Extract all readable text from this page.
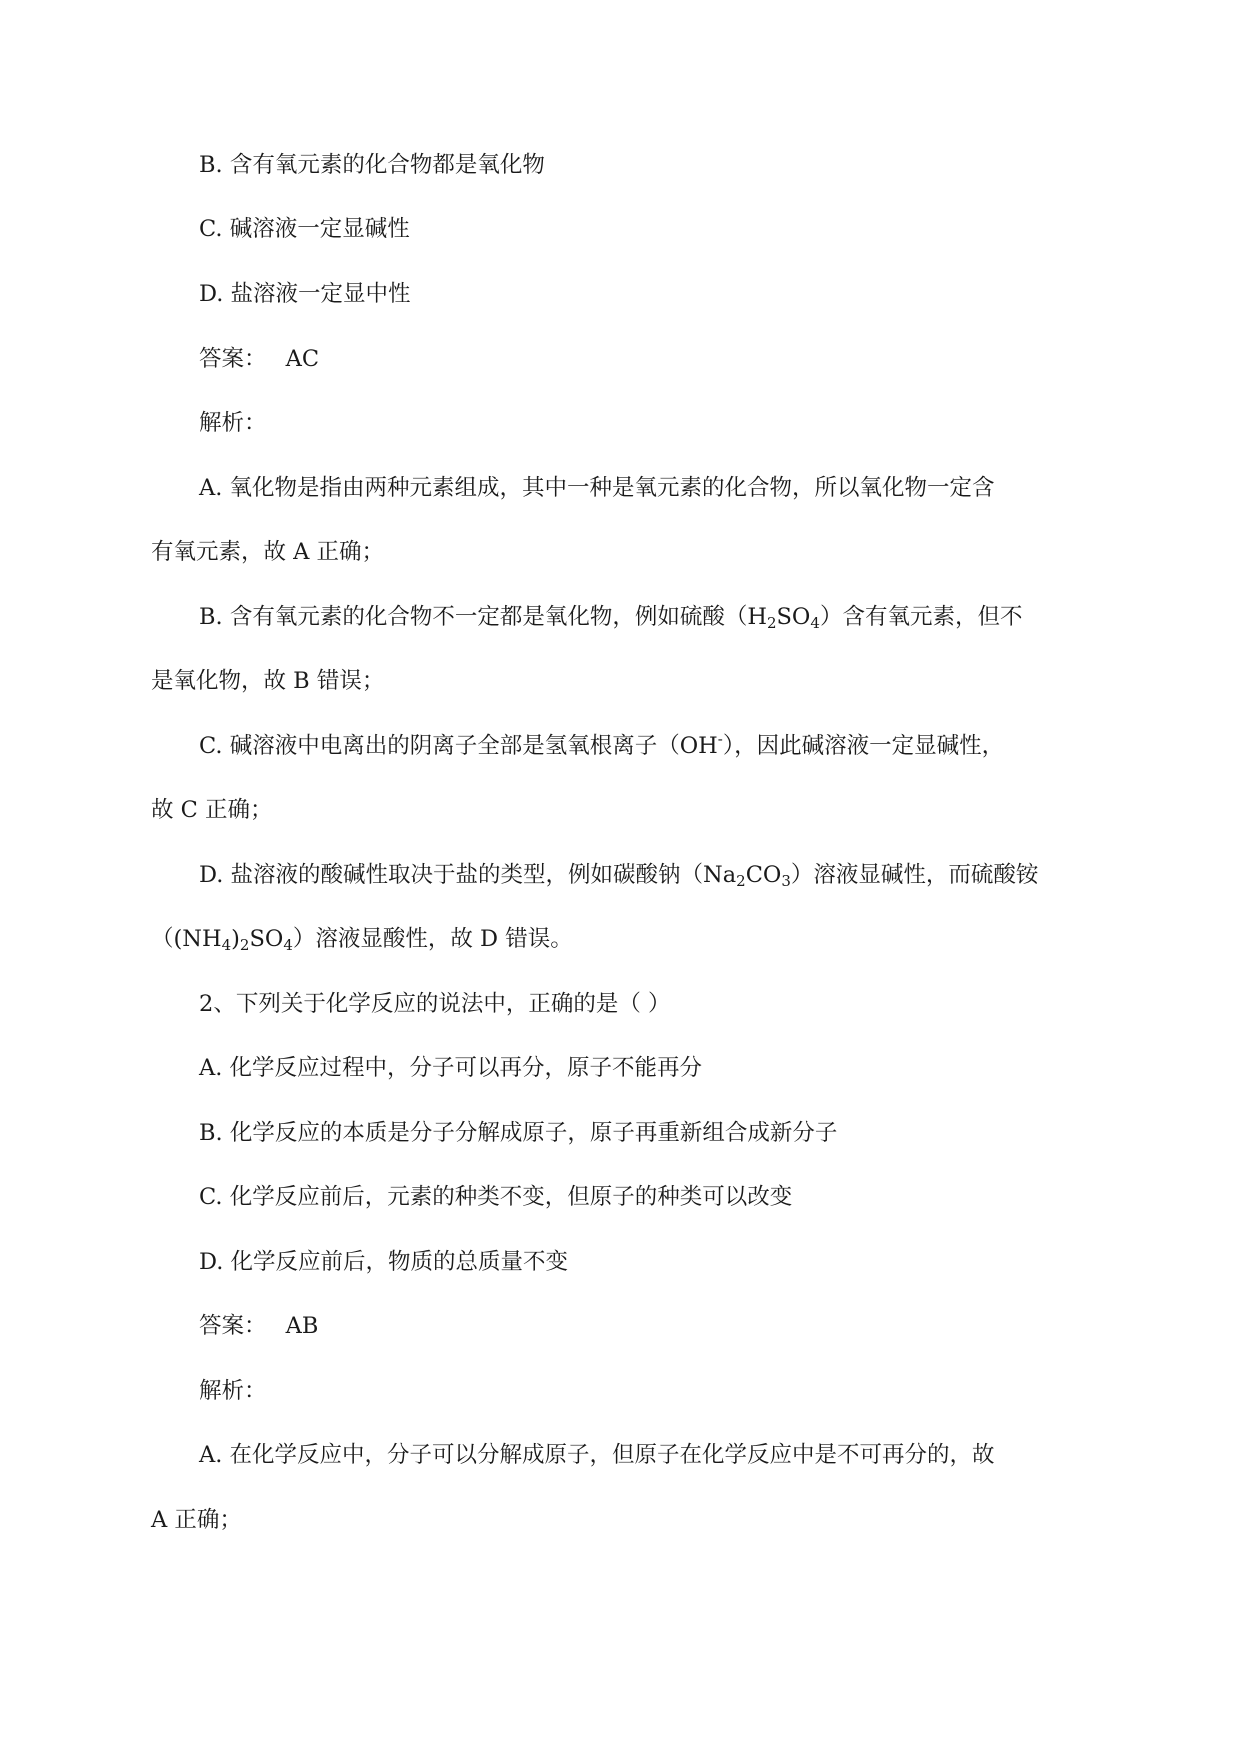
B. 含有氧元素的化合物都是氧化物
C. 碱溶液一定显碱性
D. 盐溶液一定显中性
答案： AC
解析：
A. 氧化物是指由两种元素组成，其中一种是氧元素的化合物，所以氧化物一定含
有氧元素，故 A 正确；
B. 含有氧元素的化合物不一定都是氧化物，例如硫酸$(H_2SO_4)$含有氧元素，但不
是氧化物，故 B 错误；
C. 碱溶液中电离出的阴离子全部是氢氧根离子（OH-），因此碱溶液一定显碱性，
故 C 正确；
D. 盐溶液的酸碱性取决于盐的类型，例如碳酸钠$(Na_2CO_3)$溶液显碱性，而硫酸铵
$((NH_4)_2SO_4)$溶液显酸性，故 D 错误。
2、下列关于化学反应的说法中，正确的是（ ）
A. 化学反应过程中，分子可以再分，原子不能再分
B. 化学反应的本质是分子分解成原子，原子再重新组合成新分子
C. 化学反应前后，元素的种类不变，但原子的种类可以改变
D. 化学反应前后，物质的总质量不变
答案： AB
解析：
A. 在化学反应中，分子可以分解成原子，但原子在化学反应中是不可再分的，故
A 正确；
